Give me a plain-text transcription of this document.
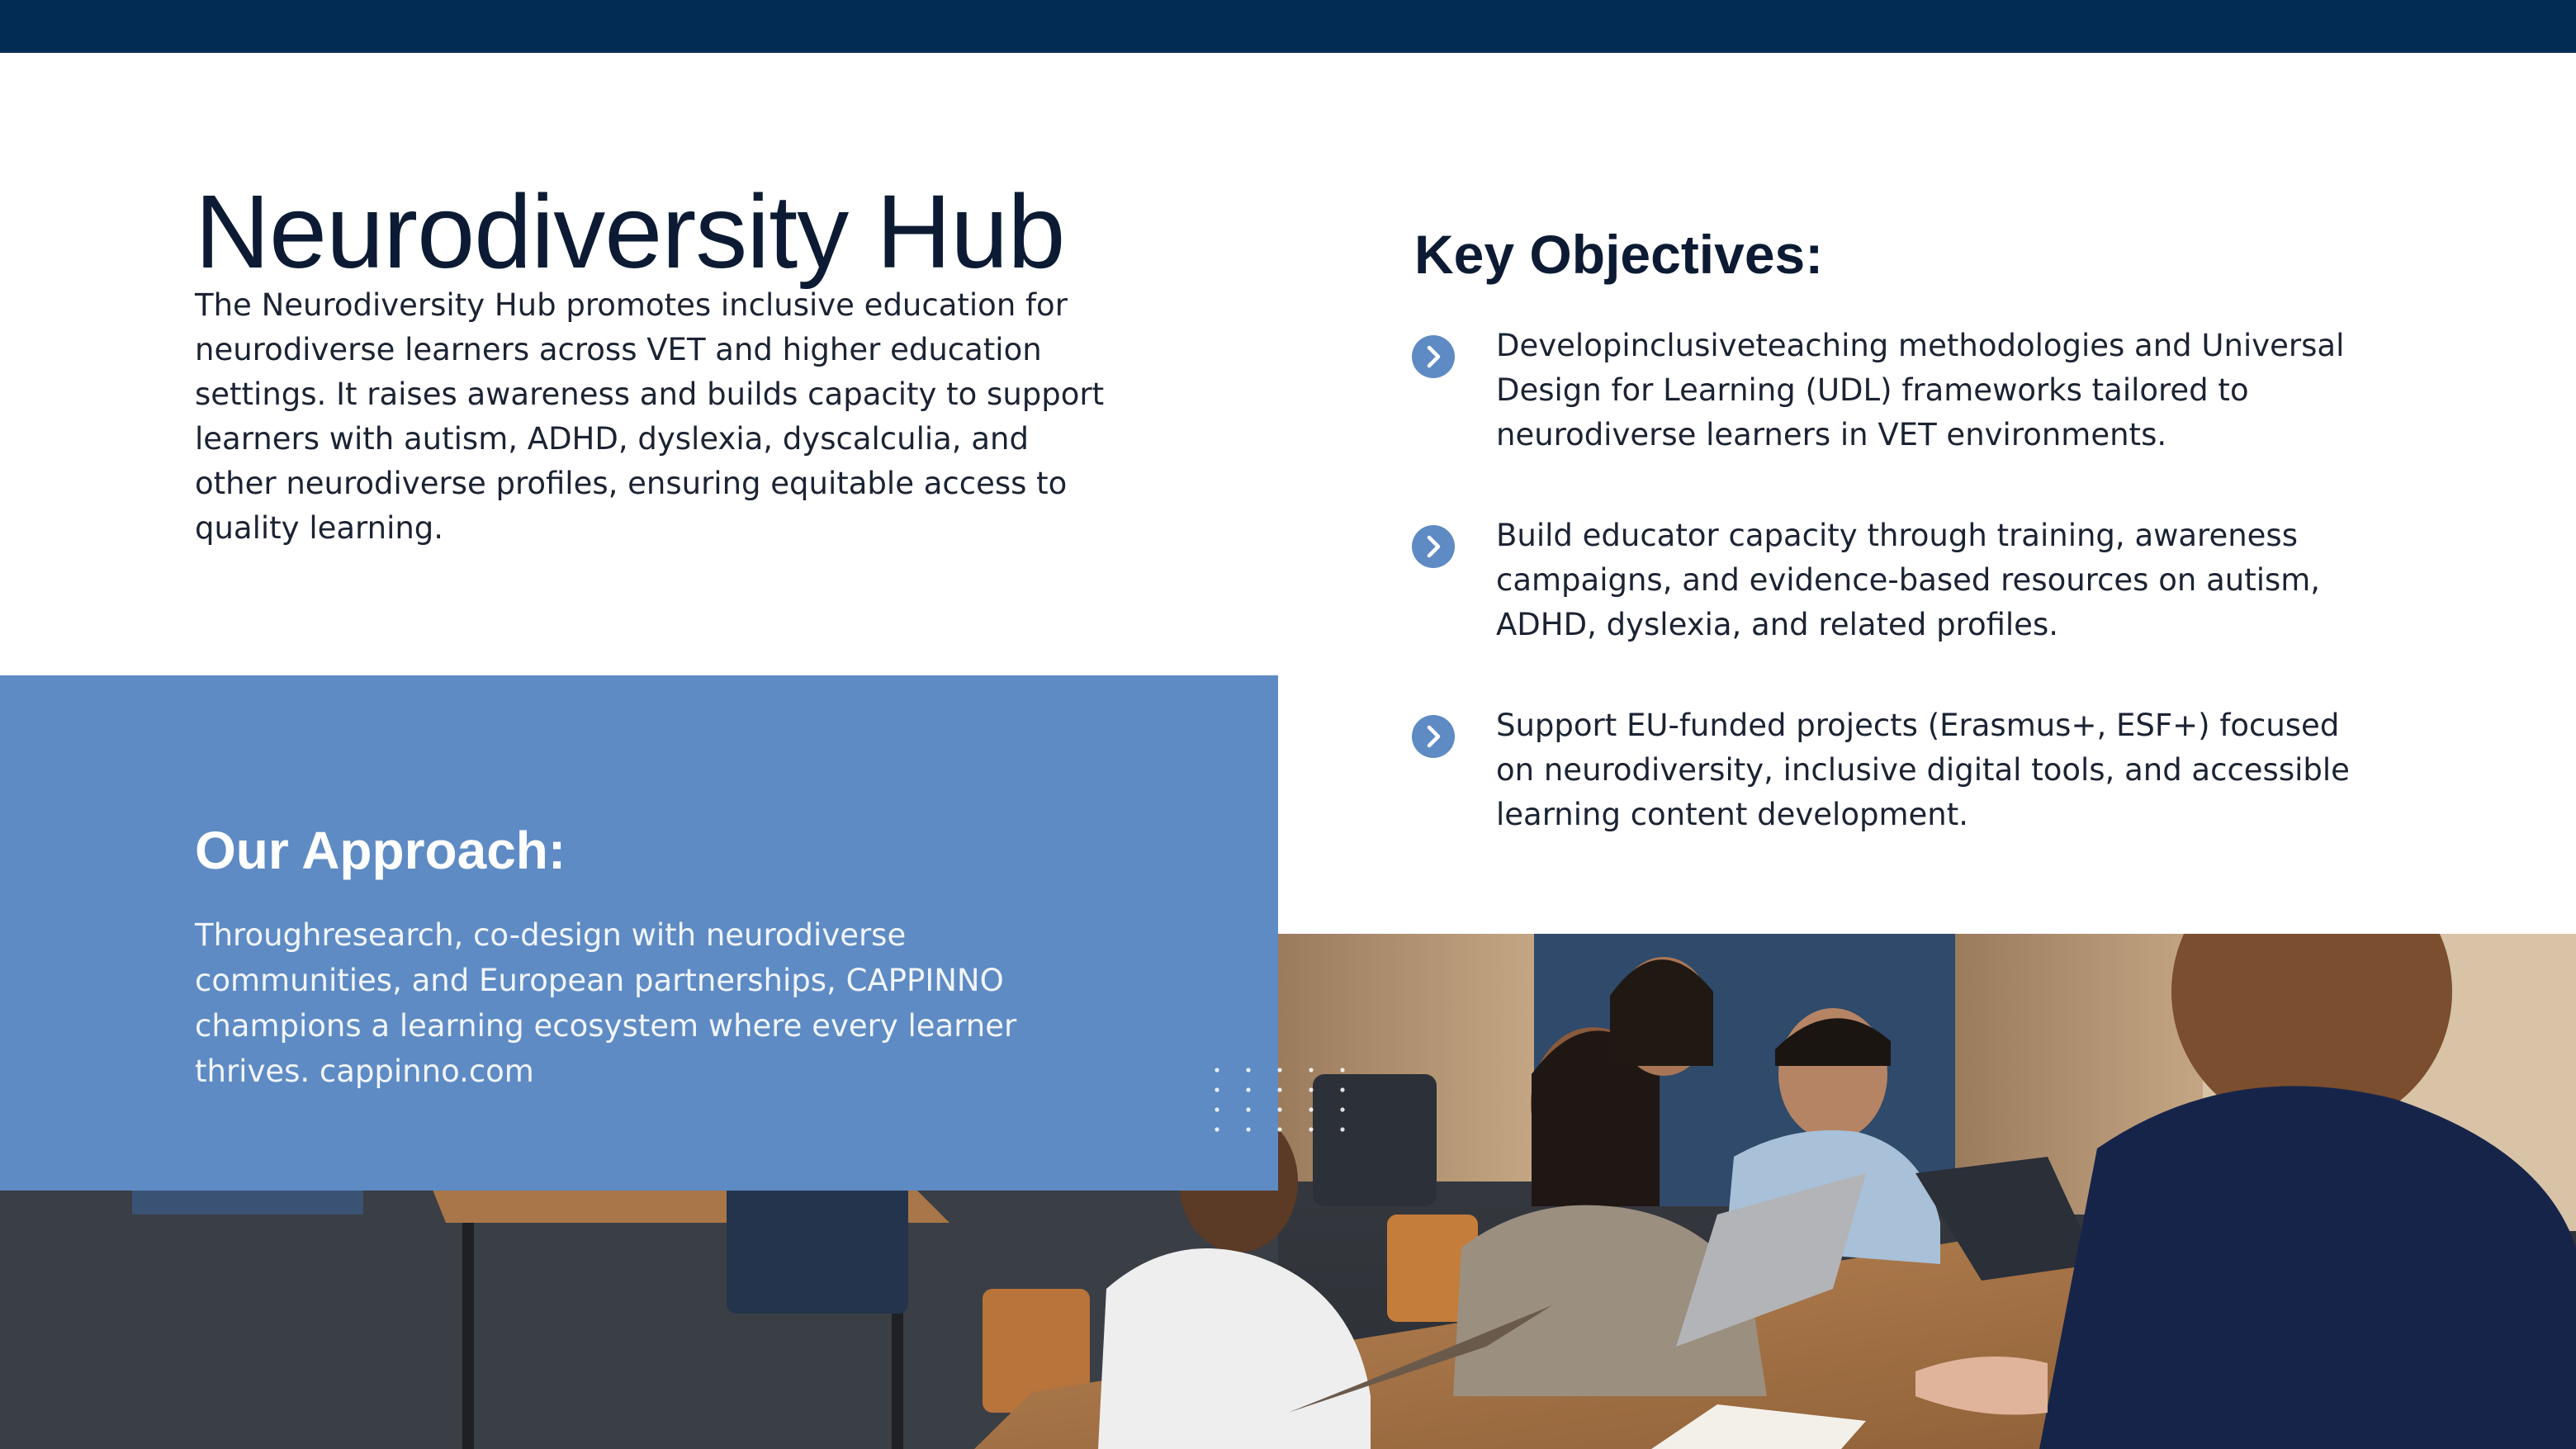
Neurodiversity Hub

The Neurodiversity Hub promotes inclusive education for neurodiverse learners across VET and higher education settings. It raises awareness and builds capacity to support learners with autism, ADHD, dyslexia, dyscalculia, and other neurodiverse profiles, ensuring equitable access to quality learning.

Key Objectives:
Developinclusiveteaching methodologies and Universal Design for Learning (UDL) frameworks tailored to neurodiverse learners in VET environments.
Build educator capacity through training, awareness campaigns, and evidence-based resources on autism, ADHD, dyslexia, and related profiles.
Support EU-funded projects (Erasmus+, ESF+) focused on neurodiversity, inclusive digital tools, and accessible learning content development.
Our Approach:

Throughresearch, co-design with neurodiverse communities, and European partnerships, CAPPINNO champions a learning ecosystem where every learner thrives. cappinno.com
